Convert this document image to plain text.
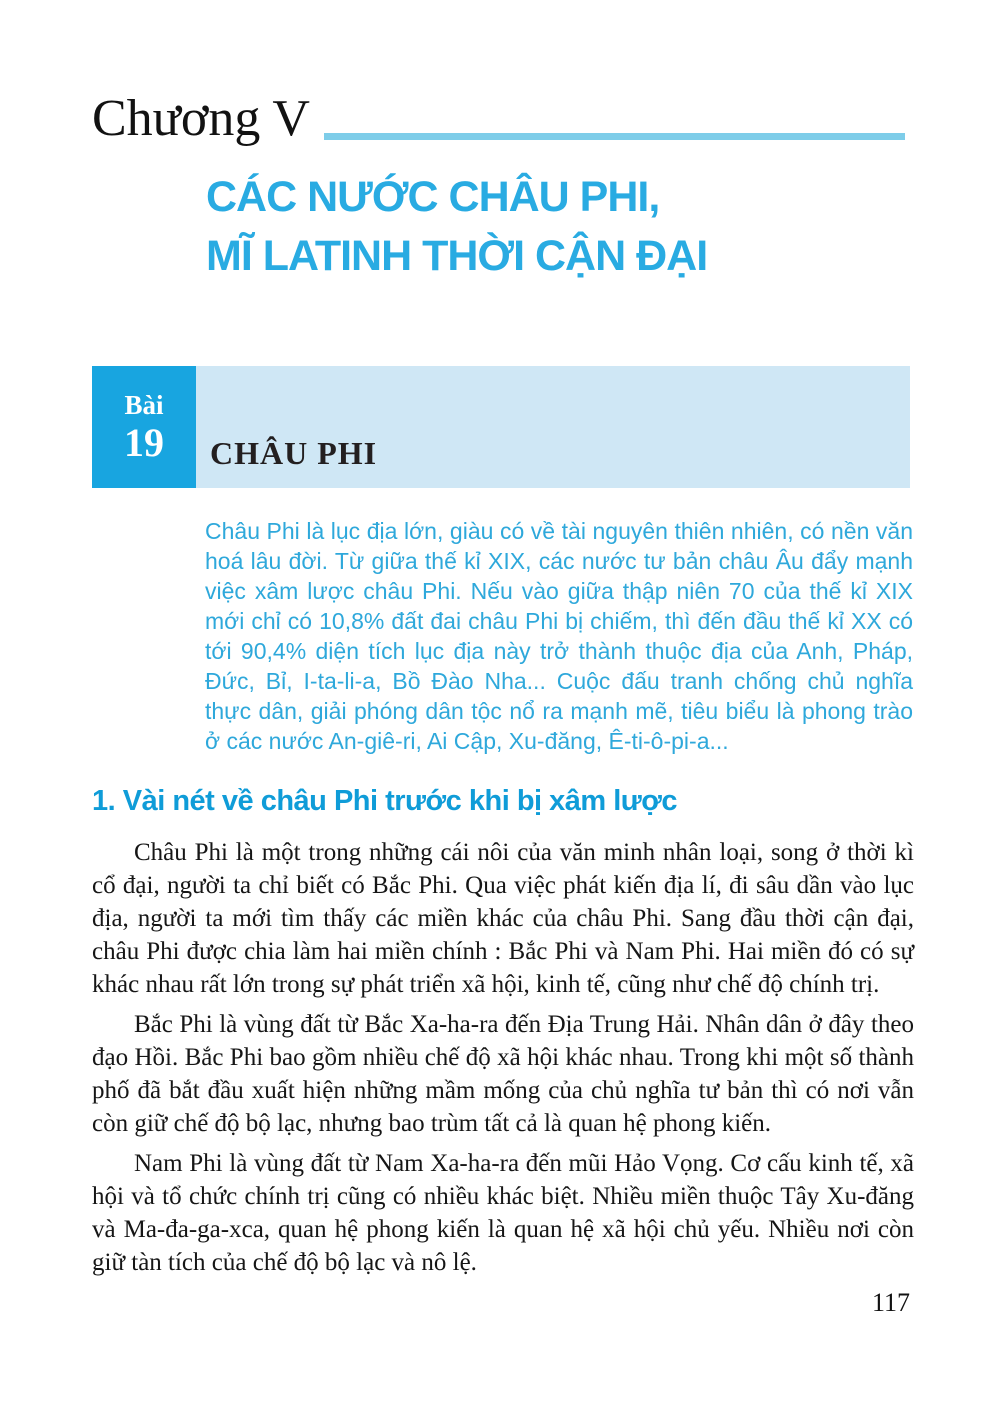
Chương V
CÁC NƯỚC CHÂU PHI,
MĨ LATINH THỜI CẬN ĐẠI
Bài
19 CHÂU PHI
Châu Phi là lục địa lớn, giàu có về tài nguyên thiên nhiên, có nền văn hoá lâu đời. Từ giữa thế kỉ XIX, các nước tư bản châu Âu đẩy mạnh việc xâm lược châu Phi. Nếu vào giữa thập niên 70 của thế kỉ XIX mới chỉ có 10,8% đất đai châu Phi bị chiếm, thì đến đầu thế kỉ XX có tới 90,4% diện tích lục địa này trở thành thuộc địa của Anh, Pháp, Đức, Bỉ, I-ta-li-a, Bồ Đào Nha... Cuộc đấu tranh chống chủ nghĩa thực dân, giải phóng dân tộc nổ ra mạnh mẽ, tiêu biểu là phong trào ở các nước An-giê-ri, Ai Cập, Xu-đăng, Ê-ti-ô-pi-a...
1. Vài nét về châu Phi trước khi bị xâm lược

Châu Phi là một trong những cái nôi của văn minh nhân loại, song ở thời kì cổ đại, người ta chỉ biết có Bắc Phi. Qua việc phát kiến địa lí, đi sâu dần vào lục địa, người ta mới tìm thấy các miền khác của châu Phi. Sang đầu thời cận đại, châu Phi được chia làm hai miền chính : Bắc Phi và Nam Phi. Hai miền đó có sự khác nhau rất lớn trong sự phát triển xã hội, kinh tế, cũng như chế độ chính trị.

Bắc Phi là vùng đất từ Bắc Xa-ha-ra đến Địa Trung Hải. Nhân dân ở đây theo đạo Hồi. Bắc Phi bao gồm nhiều chế độ xã hội khác nhau. Trong khi một số thành phố đã bắt đầu xuất hiện những mầm mống của chủ nghĩa tư bản thì có nơi vẫn còn giữ chế độ bộ lạc, nhưng bao trùm tất cả là quan hệ phong kiến.

Nam Phi là vùng đất từ Nam Xa-ha-ra đến mũi Hảo Vọng. Cơ cấu kinh tế, xã hội và tổ chức chính trị cũng có nhiều khác biệt. Nhiều miền thuộc Tây Xu-đăng và Ma-đa-ga-xca, quan hệ phong kiến là quan hệ xã hội chủ yếu. Nhiều nơi còn giữ tàn tích của chế độ bộ lạc và nô lệ.

117
